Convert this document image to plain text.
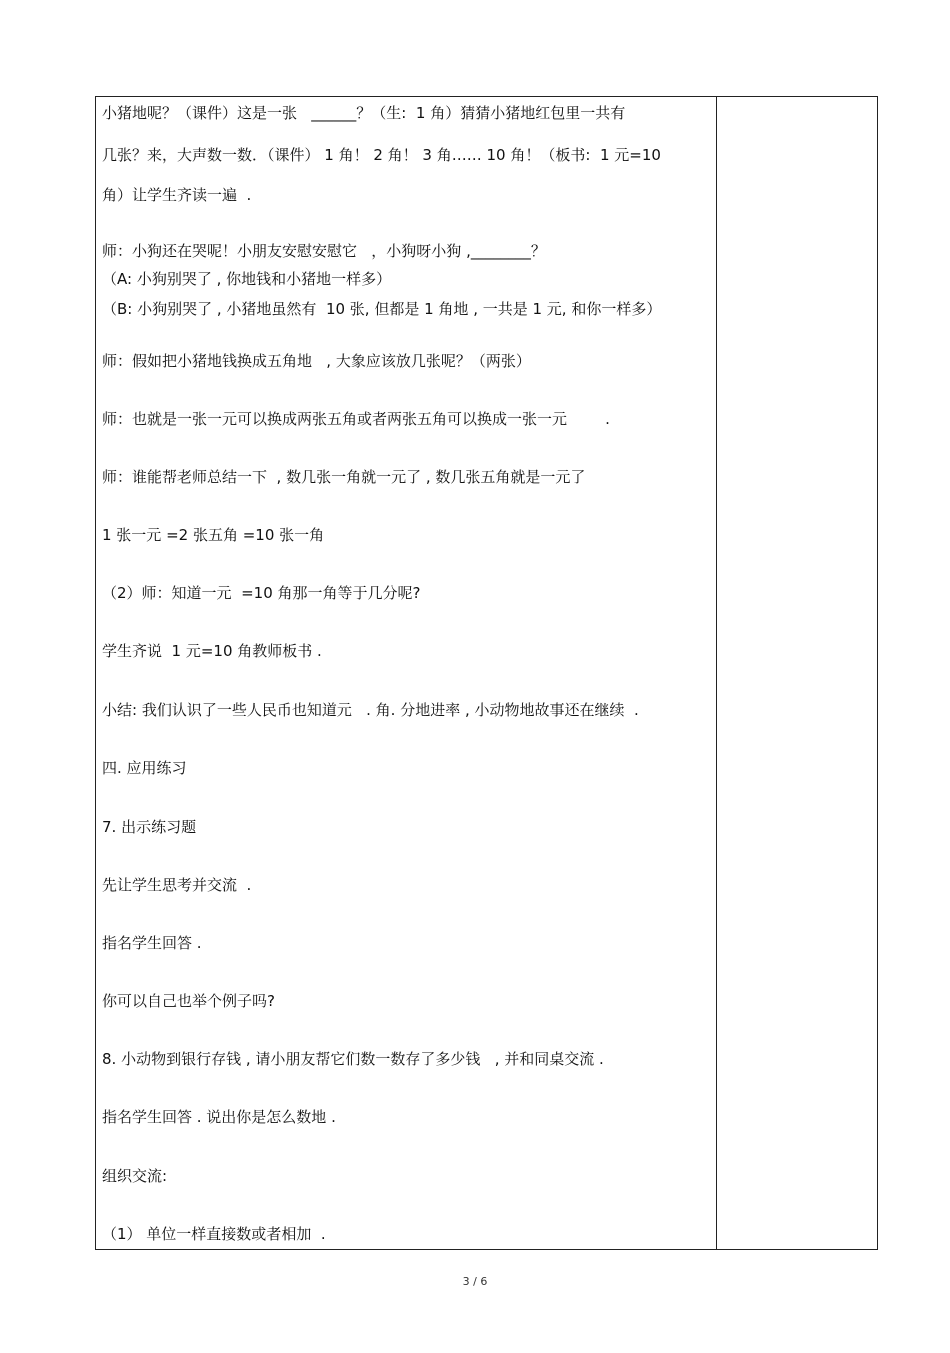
小猪地呢？（课件）这是一张   ______？（生:  1 角）猜猜小猪地红包里一共有
几张？来，大声数一数．（课件） 1 角！ 2 角！ 3 角…… 10 角！（板书:  1 元=10
角）让学生齐读一遍  .
师：小狗还在哭呢！小朋友安慰安慰它   ，小狗呀小狗 ,________？
（A: 小狗别哭了 , 你地钱和小猪地一样多）
（B: 小狗别哭了 , 小猪地虽然有  10 张, 但都是 1 角地 , 一共是 1 元, 和你一样多）
师：假如把小猪地钱换成五角地   , 大象应该放几张呢？（两张）
师：也就是一张一元可以换成两张五角或者两张五角可以换成一张一元        .
师：谁能帮老师总结一下  , 数几张一角就一元了 , 数几张五角就是一元了
1 张一元 =2 张五角 =10 张一角
（2）师：知道一元  =10 角那一角等于几分呢?
学生齐说  1 元=10 角教师板书 .
小结: 我们认识了一些人民币也知道元   . 角. 分地进率 , 小动物地故事还在继续  .
四. 应用练习
7. 出示练习题
先让学生思考并交流  .
指名学生回答 .
你可以自己也举个例子吗?
8. 小动物到银行存钱 , 请小朋友帮它们数一数存了多少钱   , 并和同桌交流 .
指名学生回答 . 说出你是怎么数地 .
组织交流:
（1） 单位一样直接数或者相加  .
3 / 6
